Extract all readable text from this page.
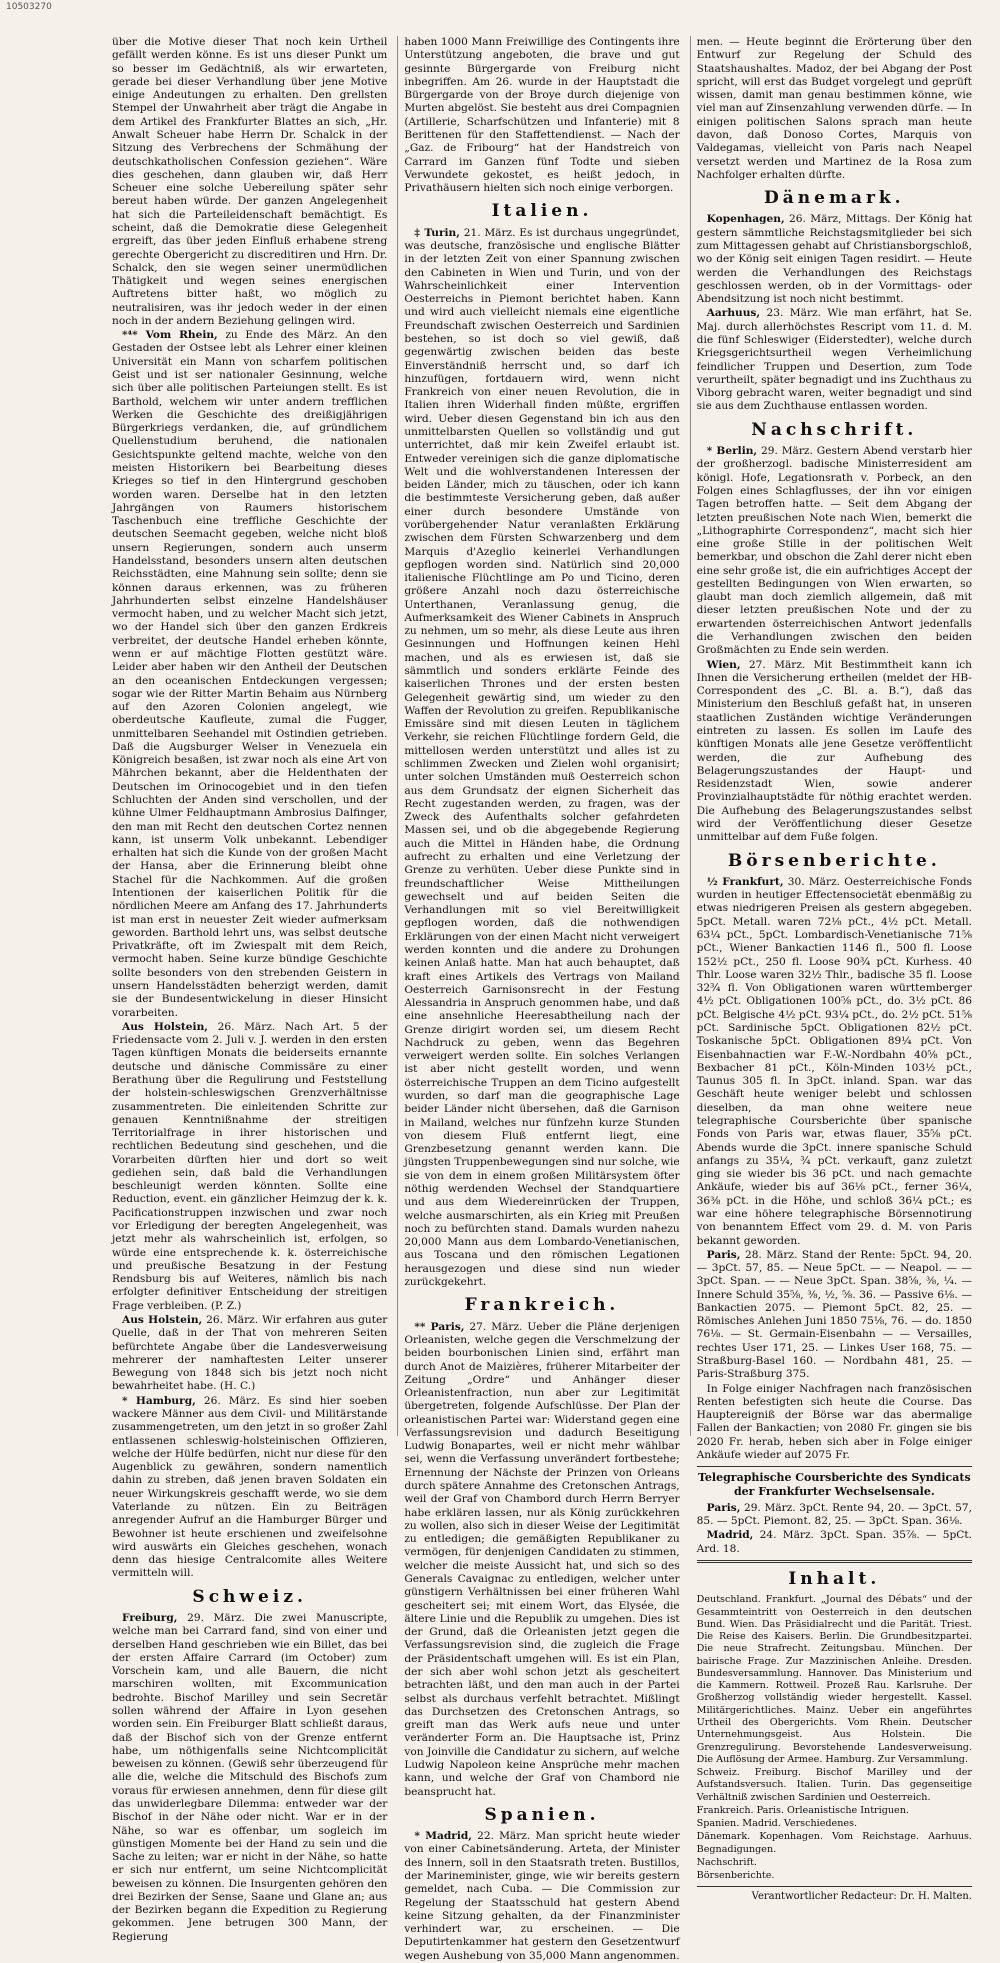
10503270

über die Motive dieser That noch kein Urtheil gefällt werden könne. Es ist uns dieser Punkt um so besser im Gedächtniß, als wir erwarteten, gerade bei dieser Verhandlung über jene Motive einige Andeutungen zu erhalten. Den grellsten Stempel der Unwahrheit aber trägt die Angabe in dem Artikel des Frankfurter Blattes an sich, „Hr. Anwalt Scheuer habe Herrn Dr. Schalck in der Sitzung des Verbrechens der Schmähung der deutschkatholischen Confession geziehen“. Wäre dies geschehen, dann glauben wir, daß Herr Scheuer eine solche Uebereilung später sehr bereut haben würde. Der ganzen Angelegenheit hat sich die Parteileidenschaft bemächtigt. Es scheint, daß die Demokratie diese Gelegenheit ergreift, das über jeden Einfluß erhabene streng gerechte Obergericht zu discreditiren und Hrn. Dr. Schalck, den sie wegen seiner unermüdlichen Thätigkeit und wegen seines energischen Auftretens bitter haßt, wo möglich zu neutralisiren, was ihr jedoch weder in der einen noch in der andern Beziehung gelingen wird.

*⁴* Vom Rhein, zu Ende des März. An den Gestaden der Ostsee lebt als Lehrer einer kleinen Universität ein Mann von scharfem politischen Geist und ist ser nationaler Gesinnung, welche sich über alle politischen Parteiungen stellt. Es ist Barthold, welchem wir unter andern trefflichen Werken die Geschichte des dreißigjährigen Bürgerkriegs verdanken, die, auf gründlichem Quellenstudium beruhend, die nationalen Gesichtspunkte geltend machte, welche von den meisten Historikern bei Bearbeitung dieses Krieges so tief in den Hintergrund geschoben worden waren. Derselbe hat in den letzten Jahrgängen von Raumers historischem Taschenbuch eine treffliche Geschichte der deutschen Seemacht gegeben, welche nicht bloß unsern Regierungen, sondern auch unserm Handelsstand, besonders unsern alten deutschen Reichsstädten, eine Mahnung sein sollte; denn sie können daraus erkennen, was zu früheren Jahrhunderten selbst einzelne Handelshäuser vermocht haben, und zu welcher Macht sich jetzt, wo der Handel sich über den ganzen Erdkreis verbreitet, der deutsche Handel erheben könnte, wenn er auf mächtige Flotten gestützt wäre. Leider aber haben wir den Antheil der Deutschen an den oceanischen Entdeckungen vergessen; sogar wie der Ritter Martin Behaim aus Nürnberg auf den Azoren Colonien angelegt, wie oberdeutsche Kaufleute, zumal die Fugger, unmittelbaren Seehandel mit Ostindien getrieben. Daß die Augsburger Welser in Venezuela ein Königreich besaßen, ist zwar noch als eine Art von Mährchen bekannt, aber die Heldenthaten der Deutschen im Orinocogebiet und in den tiefen Schluchten der Anden sind verschollen, und der kühne Ulmer Feldhauptmann Ambrosius Dalfinger, den man mit Recht den deutschen Cortez nennen kann, ist unserm Volk unbekannt. Lebendiger erhalten hat sich die Kunde von der großen Macht der Hansa, aber die Erinnerung bleibt ohne Stachel für die Nachkommen. Auf die großen Intentionen der kaiserlichen Politik für die nördlichen Meere am Anfang des 17. Jahrhunderts ist man erst in neuester Zeit wieder aufmerksam geworden. Barthold lehrt uns, was selbst deutsche Privatkräfte, oft im Zwiespalt mit dem Reich, vermocht haben. Seine kurze bündige Geschichte sollte besonders von den strebenden Geistern in unsern Handelsstädten beherzigt werden, damit sie der Bundesentwickelung in dieser Hinsicht vorarbeiten.

Aus Holstein, 26. März. Nach Art. 5 der Friedensacte vom 2. Juli v. J. werden in den ersten Tagen künftigen Monats die beiderseits ernannte deutsche und dänische Commissäre zu einer Berathung über die Regulirung und Feststellung der holstein-schleswigschen Grenzverhältnisse zusammentreten. Die einleitenden Schritte zur genauen Kenntnißnahme der streitigen Territorialfrage in ihrer historischen und rechtlichen Bedeutung sind geschehen, und die Vorarbeiten dürften hier und dort so weit gediehen sein, daß bald die Verhandlungen beschleunigt werden könnten. Sollte eine Reduction, event. ein gänzlicher Heimzug der k. k. Pacificationstruppen inzwischen und zwar noch vor Erledigung der beregten Angelegenheit, was jetzt mehr als wahrscheinlich ist, erfolgen, so würde eine entsprechende k. k. österreichische und preußische Besatzung in der Festung Rendsburg bis auf Weiteres, nämlich bis nach erfolgter definitiver Entscheidung der streitigen Frage verbleiben. (P. Z.)

Aus Holstein, 26. März. Wir erfahren aus guter Quelle, daß in der That von mehreren Seiten befürchtete Angabe über die Landesverweisung mehrerer der namhaftesten Leiter unserer Bewegung von 1848 sich bis jetzt noch nicht bewahrheitet habe. (H. C.)

* Hamburg, 26. März. Es sind hier soeben wackere Männer aus dem Civil- und Militärstande zusammengetreten, um den jetzt in so großer Zahl entlassenen schleswig-holsteinischen Offizieren, welche der Hülfe bedürfen, nicht nur diese für den Augenblick zu gewähren, sondern namentlich dahin zu streben, daß jenen braven Soldaten ein neuer Wirkungskreis geschafft werde, wo sie dem Vaterlande zu nützen. Ein zu Beiträgen anregender Aufruf an die Hamburger Bürger und Bewohner ist heute erschienen und zweifelsohne wird auswärts ein Gleiches geschehen, wonach denn das hiesige Centralcomite alles Weitere vermitteln will.

Schweiz.

Freiburg, 29. März. Die zwei Manuscripte, welche man bei Carrard fand, sind von einer und derselben Hand geschrieben wie ein Billet, das bei der ersten Affaire Carrard (im October) zum Vorschein kam, und alle Bauern, die nicht marschiren wollten, mit Excommunication bedrohte. Bischof Marilley und sein Secretär sollen während der Affaire in Lyon gesehen worden sein. Ein Freiburger Blatt schließt daraus, daß der Bischof sich von der Grenze entfernt habe, um nöthigenfalls seine Nichtcomplicität beweisen zu können. (Gewiß sehr überzeugend für alle die, welche die Mitschuld des Bischofs zum voraus für erwiesen annehmen, denn für diese gilt das unwiderlegbare Dilemma: entweder war der Bischof in der Nähe oder nicht. War er in der Nähe, so war es offenbar, um sogleich im günstigen Momente bei der Hand zu sein und die Sache zu leiten; war er nicht in der Nähe, so hatte er sich nur entfernt, um seine Nichtcomplicität beweisen zu können. Die Insurgenten gehören den drei Bezirken der Sense, Saane und Glane an; aus der Bezirken begann die Expedition zu Regierung gekommen. Jene betrugen 300 Mann, der Regierung

haben 1000 Mann Freiwillige des Contingents ihre Unterstützung angeboten, die brave und gut gesinnte Bürgergarde von Freiburg nicht inbegriffen. Am 26. wurde in der Hauptstadt die Bürgergarde von der Broye durch diejenige von Murten abgelöst. Sie besteht aus drei Compagnien (Artillerie, Scharfschützen und Infanterie) mit 8 Berittenen für den Staffettendienst. — Nach der „Gaz. de Fribourg“ hat der Handstreich von Carrard im Ganzen fünf Todte und sieben Verwundete gekostet, es heißt jedoch, in Privathäusern hielten sich noch einige verborgen.

Italien.

‡ Turin, 21. März. Es ist durchaus ungegründet, was deutsche, französische und englische Blätter in der letzten Zeit von einer Spannung zwischen den Cabineten in Wien und Turin, und von der Wahrscheinlichkeit einer Intervention Oesterreichs in Piemont berichtet haben. Kann und wird auch vielleicht niemals eine eigentliche Freundschaft zwischen Oesterreich und Sardinien bestehen, so ist doch so viel gewiß, daß gegenwärtig zwischen beiden das beste Einverständniß herrscht und, so darf ich hinzufügen, fortdauern wird, wenn nicht Frankreich von einer neuen Revolution, die in Italien ihren Widerhall finden müßte, ergriffen wird. Ueber diesen Gegenstand bin ich aus den unmittelbarsten Quellen so vollständig und gut unterrichtet, daß mir kein Zweifel erlaubt ist. Entweder vereinigen sich die ganze diplomatische Welt und die wohlverstandenen Interessen der beiden Länder, mich zu täuschen, oder ich kann die bestimmteste Versicherung geben, daß außer einer durch besondere Umstände von vorübergehender Natur veranlaßten Erklärung zwischen dem Fürsten Schwarzenberg und dem Marquis d'Azeglio keinerlei Verhandlungen gepflogen worden sind. Natürlich sind 20,000 italienische Flüchtlinge am Po und Ticino, deren größere Anzahl noch dazu österreichische Unterthanen, Veranlassung genug, die Aufmerksamkeit des Wiener Cabinets in Anspruch zu nehmen, um so mehr, als diese Leute aus ihren Gesinnungen und Hoffnungen keinen Hehl machen, und als es erwiesen ist, daß sie sämmtlich und sonders erklärte Feinde des kaiserlichen Thrones und der ersten besten Gelegenheit gewärtig sind, um wieder zu den Waffen der Revolution zu greifen. Republikanische Emissäre sind mit diesen Leuten in täglichem Verkehr, sie reichen Flüchtlinge fordern Geld, die mittellosen werden unterstützt und alles ist zu schlimmen Zwecken und Zielen wohl organisirt; unter solchen Umständen muß Oesterreich schon aus dem Grundsatz der eignen Sicherheit das Recht zugestanden werden, zu fragen, was der Zweck des Aufenthalts solcher gefahrdeten Massen sei, und ob die abgegebende Regierung auch die Mittel in Händen habe, die Ordnung aufrecht zu erhalten und eine Verletzung der Grenze zu verhüten. Ueber diese Punkte sind in freundschaftlicher Weise Mittheilungen gewechselt und auf beiden Seiten die Verhandlungen mit so viel Bereitwilligkeit gepflogen worden, daß die nothwendigen Erklärungen von der einen Macht nicht verweigert werden konnten und die andere zu Drohungen keinen Anlaß hatte. Man hat auch behauptet, daß kraft eines Artikels des Vertrags von Mailand Oesterreich Garnisonsrecht in der Festung Alessandria in Anspruch genommen habe, und daß eine ansehnliche Heeresabtheilung nach der Grenze dirigirt worden sei, um diesem Recht Nachdruck zu geben, wenn das Begehren verweigert werden sollte. Ein solches Verlangen ist aber nicht gestellt worden, und wenn österreichische Truppen an dem Ticino aufgestellt wurden, so darf man die geographische Lage beider Länder nicht übersehen, daß die Garnison in Mailand, welches nur fünfzehn kurze Stunden von diesem Fluß entfernt liegt, eine Grenzbesetzung genannt werden kann. Die jüngsten Truppenbewegungen sind nur solche, wie sie von dem in einem großen Militärsystem öfter nöthig werdenden Wechsel der Standquartiere und aus dem Wiedereinrücken der Truppen, welche ausmarschirten, als ein Krieg mit Preußen noch zu befürchten stand. Damals wurden nahezu 20,000 Mann aus dem Lombardo-Venetianischen, aus Toscana und den römischen Legationen herausgezogen und diese sind nun wieder zurückgekehrt.

Frankreich.

** Paris, 27. März. Ueber die Pläne derjenigen Orleanisten, welche gegen die Verschmelzung der beiden bourbonischen Linien sind, erfährt man durch Anot de Maizières, früherer Mitarbeiter der Zeitung „Ordre“ und Anhänger dieser Orleanistenfraction, nun aber zur Legitimität übergetreten, folgende Aufschlüsse. Der Plan der orleanistischen Partei war: Widerstand gegen eine Verfassungsrevision und dadurch Beseitigung Ludwig Bonapartes, weil er nicht mehr wählbar sei, wenn die Verfassung unverändert fortbestehe; Ernennung der Nächste der Prinzen von Orleans durch spätere Annahme des Cretonschen Antrags, weil der Graf von Chambord durch Herrn Berryer habe erklären lassen, nur als König zurückkehren zu wollen, also sich in dieser Weise der Legitimität zu entledigen; die gemäßigten Republikaner zu vermögen, für denjenigen Candidaten zu stimmen, welcher die meiste Aussicht hat, und sich so des Generals Cavaignac zu entledigen, welcher unter günstigern Verhältnissen bei einer früheren Wahl gescheitert sei; mit einem Wort, das Elysée, die ältere Linie und die Republik zu umgehen. Dies ist der Grund, daß die Orleanisten jetzt gegen die Verfassungsrevision sind, die zugleich die Frage der Präsidentschaft umgehen will. Es ist ein Plan, der sich aber wohl schon jetzt als gescheitert betrachten läßt, und den man auch in der Partei selbst als durchaus verfehlt betrachtet. Mißlingt das Durchsetzen des Cretonschen Antrags, so greift man das Werk aufs neue und unter veränderter Form an. Die Hauptsache ist, Prinz von Joinville die Candidatur zu sichern, auf welche Ludwig Napoleon keine Ansprüche mehr machen kann, und welche der Graf von Chambord nie beansprucht hat.

Spanien.

* Madrid, 22. März. Man spricht heute wieder von einer Cabinetsänderung. Arteta, der Minister des Innern, soll in den Staatsrath treten. Bustillos, der Marineminister, ginge, wie wir bereits gestern gemeldet, nach Cuba. — Die Commission zur Regelung der Staatsschuld hat gestern Abend keine Sitzung gehalten, da der Finanzminister verhindert war, zu erscheinen. — Die Deputirtenkammer hat gestern den Gesetzentwurf wegen Aushebung von 35,000 Mann angenommen.

men. — Heute beginnt die Erörterung über den Entwurf zur Regelung der Schuld des Staatshaushaltes. Madoz, der bei Abgang der Post spricht, will erst das Budget vorgelegt und geprüft wissen, damit man genau bestimmen könne, wie viel man auf Zinsenzahlung verwenden dürfe. — In einigen politischen Salons sprach man heute davon, daß Donoso Cortes, Marquis von Valdegamas, vielleicht von Paris nach Neapel versetzt werden und Martinez de la Rosa zum Nachfolger erhalten dürfte.

Dänemark.

Kopenhagen, 26. März, Mittags. Der König hat gestern sämmtliche Reichstagsmitglieder bei sich zum Mittagessen gehabt auf Christiansborgschloß, wo der König seit einigen Tagen residirt. — Heute werden die Verhandlungen des Reichstags geschlossen werden, ob in der Vormittags- oder Abendsitzung ist noch nicht bestimmt.

Aarhuus, 23. März. Wie man erfährt, hat Se. Maj. durch allerhöchstes Rescript vom 11. d. M. die fünf Schleswiger (Eiderstedter), welche durch Kriegsgerichtsurtheil wegen Verheimlichung feindlicher Truppen und Desertion, zum Tode verurtheilt, später begnadigt und ins Zuchthaus zu Viborg gebracht waren, weiter begnadigt und sind sie aus dem Zuchthause entlassen worden.

Nachschrift.

* Berlin, 29. März. Gestern Abend verstarb hier der großherzogl. badische Ministerresident am königl. Hofe, Legationsrath v. Porbeck, an den Folgen eines Schlagflusses, der ihn vor einigen Tagen betroffen hatte. — Seit dem Abgang der letzten preußischen Note nach Wien, bemerkt die „Lithographirte Correspondenz“, macht sich hier eine große Stille in der politischen Welt bemerkbar, und obschon die Zahl derer nicht eben eine sehr große ist, die ein aufrichtiges Accept der gestellten Bedingungen von Wien erwarten, so glaubt man doch ziemlich allgemein, daß mit dieser letzten preußischen Note und der zu erwartenden österreichischen Antwort jedenfalls die Verhandlungen zwischen den beiden Großmächten zu Ende sein werden.

Wien, 27. März. Mit Bestimmtheit kann ich Ihnen die Versicherung ertheilen (meldet der HB-Correspondent des „C. Bl. a. B.“), daß das Ministerium den Beschluß gefaßt hat, in unseren staatlichen Zuständen wichtige Veränderungen eintreten zu lassen. Es sollen im Laufe des künftigen Monats alle jene Gesetze veröffentlicht werden, die zur Aufhebung des Belagerungszustandes der Haupt- und Residenzstadt Wien, sowie anderer Provinzialhauptstädte für nöthig erachtet werden. Die Aufhebung des Belagerungszustandes selbst wird der Veröffentlichung dieser Gesetze unmittelbar auf dem Fuße folgen.

Börsenberichte.

½ Frankfurt, 30. März. Oesterreichische Fonds wurden in heutiger Effectensocietät ebenmäßig zu etwas niedrigeren Preisen als gestern abgegeben. 5pCt. Metall. waren 72⅛ pCt., 4½ pCt. Metall. 63¼ pCt., 5pCt. Lombardisch-Venetianische 71⅝ pCt., Wiener Bankactien 1146 fl., 500 fl. Loose 152½ pCt., 250 fl. Loose 90¾ pCt. Kurhess. 40 Thlr. Loose waren 32½ Thlr., badische 35 fl. Loose 32¾ fl. Von Obligationen waren württemberger 4½ pCt. Obligationen 100⅝ pCt., do. 3½ pCt. 86 pCt. Belgische 4½ pCt. 93¼ pCt., do. 2½ pCt. 51⅝ pCt. Sardinische 5pCt. Obligationen 82½ pCt. Toskanische 5pCt. Obligationen 89¼ pCt. Von Eisenbahnactien war F.-W.-Nordbahn 40⅝ pCt., Bexbacher 81 pCt., Köln-Minden 103½ pCt., Taunus 305 fl. In 3pCt. inland. Span. war das Geschäft heute weniger belebt und schlossen dieselben, da man ohne weitere neue telegraphische Coursberichte über spanische Fonds von Paris war, etwas flauer, 35⅝ pCt. Abends wurde die 3pCt. innere spanische Schuld anfangs zu 35¼, ¾ pCt. verkauft, ganz zuletzt ging sie wieder bis 36 pCt. und nach gemachte Ankäufe, wieder bis auf 36⅛ pCt., ferner 36¼, 36⅜ pCt. in die Höhe, und schloß 36¼ pCt.; es war eine höhere telegraphische Börsennotirung von benanntem Effect vom 29. d. M. von Paris bekannt geworden.

Paris, 28. März. Stand der Rente: 5pCt. 94, 20. — 3pCt. 57, 85. — Neue 5pCt. — — Neapol. — — 3pCt. Span. — — Neue 3pCt. Span. 38⅝, ⅜, ¼. — Innere Schuld 35⅝, ⅜, ½, ⅝. 36. — Passive 6⅛. — Bankactien 2075. — Piemont 5pCt. 82, 25. — Römisches Anlehen Juni 1850 75⅛, 76. — do. 1850 76⅛. — St. Germain-Eisenbahn — — Versailles, rechtes User 171, 25. — Linkes User 168, 75. — Straßburg-Basel 160. — Nordbahn 481, 25. — Paris-Straßburg 375.

In Folge einiger Nachfragen nach französischen Renten befestigten sich heute die Course. Das Hauptereigniß der Börse war das abermalige Fallen der Bankactien; von 2080 Fr. gingen sie bis 2020 Fr. herab, heben sich aber in Folge einiger Ankäufe wieder auf 2075 Fr.

Telegraphische Coursberichte des Syndicats der Frankfurter Wechselsensale.

Paris, 29. März. 3pCt. Rente 94, 20. — 3pCt. 57, 85. — 5pCt. Piemont. 82, 25. — 3pCt. Span. 36⅛.

Madrid, 24. März. 3pCt. Span. 35⅞. — 5pCt. Ard. 18.

Inhalt.

Deutschland. Frankfurt. „Journal des Débats“ und der Gesammteintritt von Oesterreich in den deutschen Bund. Wien. Das Präsidialrecht und die Parität. Triest. Die Reise des Kaisers. Berlin. Die Grundbesitzpartei. Die neue Strafrecht. Zeitungsbau. München. Der bairische Frage. Zur Mazzinischen Anleihe. Dresden. Bundesversammlung. Hannover. Das Ministerium und die Kammern. Rottweil. Prozeß Rau. Karlsruhe. Der Großherzog vollständig wieder hergestellt. Kassel. Militärgerichtliches. Mainz. Ueber ein angeführtes Urtheil des Obergerichts. Vom Rhein. Deutscher Unternehmungsgeist. Aus Holstein. Die Grenzregulirung. Bevorstehende Landesverweisung. Die Auflösung der Armee. Hamburg. Zur Versammlung.

Schweiz. Freiburg. Bischof Marilley und der Aufstandsversuch. Italien. Turin. Das gegenseitige Verhältniß zwischen Sardinien und Oesterreich.

Frankreich. Paris. Orleanistische Intriguen.

Spanien. Madrid. Verschiedenes.

Dänemark. Kopenhagen. Vom Reichstage. Aarhuus. Begnadigungen.

Nachschrift.

Börsenberichte.

Verantwortlicher Redacteur: Dr. H. Malten.
